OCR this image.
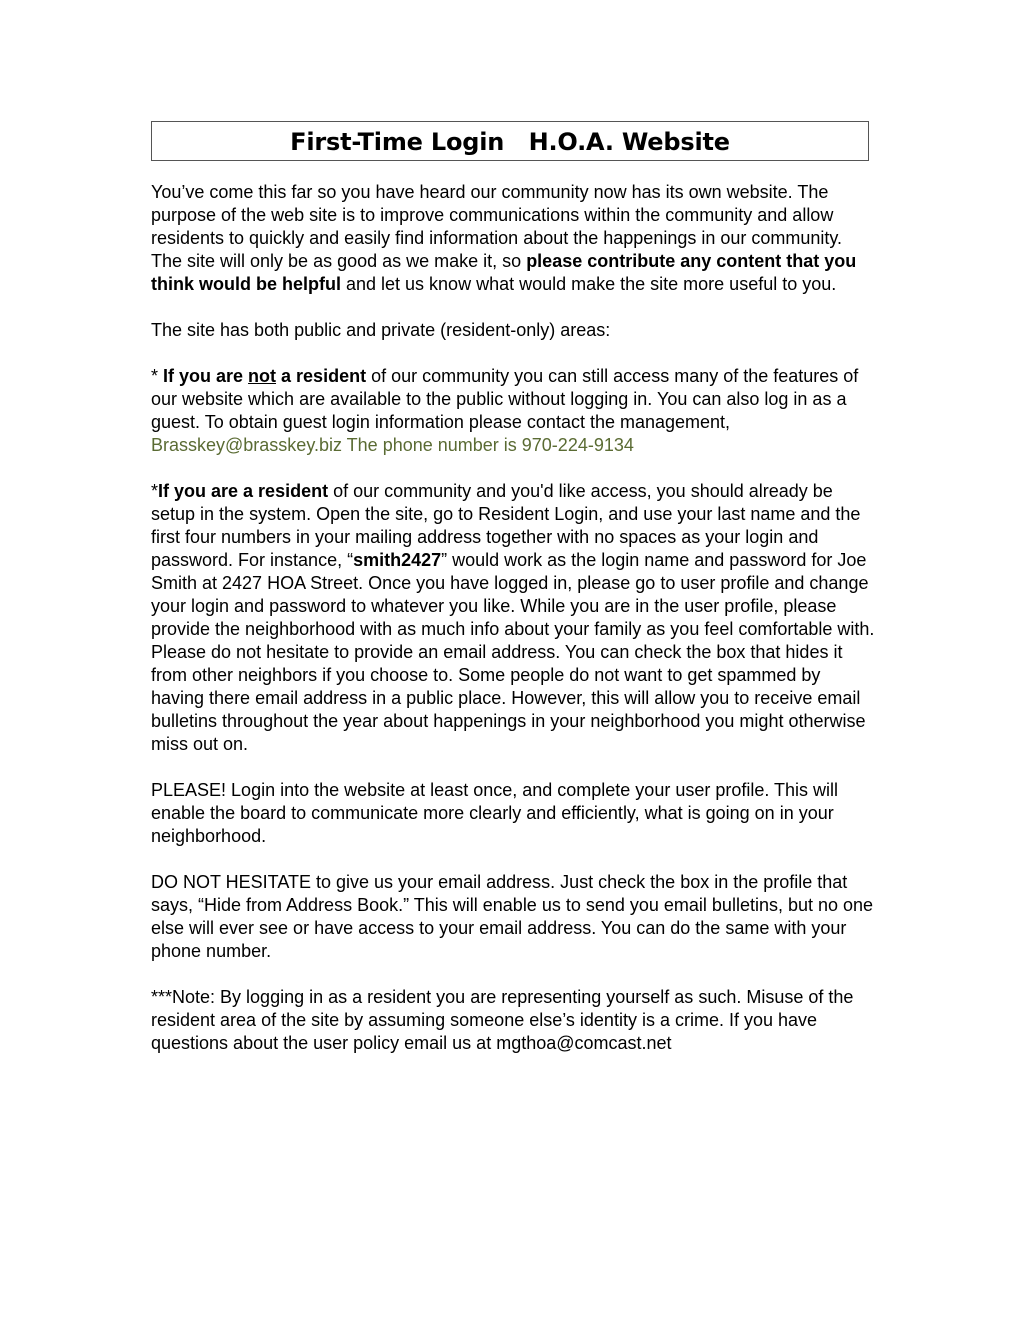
First-Time Login   H.O.A. Website

You’ve come this far so you have heard our community now has its own website. The purpose of the web site is to improve communications within the community and allow residents to quickly and easily find information about the happenings in our community. The site will only be as good as we make it, so please contribute any content that you think would be helpful and let us know what would make the site more useful to you.

The site has both public and private (resident-only) areas:

* If you are not a resident of our community you can still access many of the features of our website which are available to the public without logging in. You can also log in as a guest. To obtain guest login information please contact the management, Brasskey@brasskey.biz The phone number is 970-224-9134

*If you are a resident of our community and you'd like access, you should already be setup in the system. Open the site, go to Resident Login, and use your last name and the first four numbers in your mailing address together with no spaces as your login and password. For instance, “smith2427” would work as the login name and password for Joe Smith at 2427 HOA Street. Once you have logged in, please go to user profile and change your login and password to whatever you like. While you are in the user profile, please provide the neighborhood with as much info about your family as you feel comfortable with. Please do not hesitate to provide an email address. You can check the box that hides it from other neighbors if you choose to. Some people do not want to get spammed by having there email address in a public place. However, this will allow you to receive email bulletins throughout the year about happenings in your neighborhood you might otherwise miss out on.

PLEASE! Login into the website at least once, and complete your user profile. This will enable the board to communicate more clearly and efficiently, what is going on in your neighborhood.

DO NOT HESITATE to give us your email address. Just check the box in the profile that says, “Hide from Address Book.” This will enable us to send you email bulletins, but no one else will ever see or have access to your email address. You can do the same with your phone number.

***Note: By logging in as a resident you are representing yourself as such. Misuse of the resident area of the site by assuming someone else’s identity is a crime. If you have questions about the user policy email us at mgthoa@comcast.net
